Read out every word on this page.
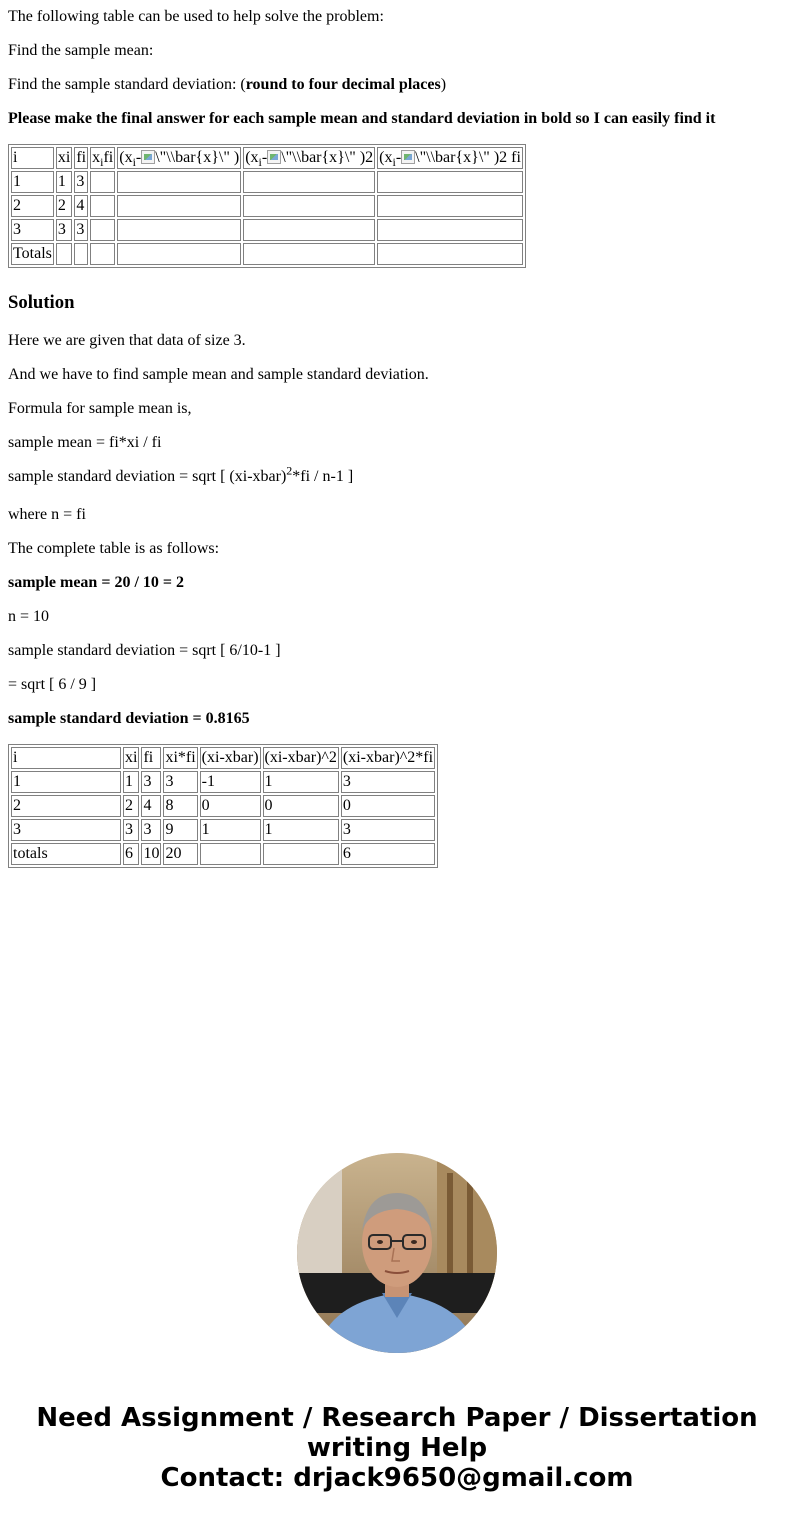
The following table can be used to help solve the problem:

Find the sample mean:

Find the sample standard deviation: (round to four decimal places)

Please make the final answer for each sample mean and standard deviation in bold so I can easily find it

i	xi	fi	$x_ifi$	($x_i-$ \"\\bar{x}\" )	($x_i-$ \"\\bar{x}\" )2	($x_i-$ \"\\bar{x}\" )2 fi
1	1	3				
2	2	4				
3	3	3				
Totals						
Solution

Here we are given that data of size 3.

And we have to find sample mean and sample standard deviation.

Formula for sample mean is,

sample mean = fi*xi / fi

sample standard deviation = sqrt [ (xi-xbar)$^2$*fi / n-1 ]

where n = fi

The complete table is as follows:

sample mean = 20 / 10 = 2

n = 10

sample standard deviation = sqrt [ 6/10-1 ]

= sqrt [ 6 / 9 ]

sample standard deviation = 0.8165

i	xi	fi	xi*fi	(xi-xbar)	(xi-xbar)^2	(xi-xbar)^2*fi
1	1	3	3	-1	1	3
2	2	4	8	0	0	0
3	3	3	9	1	1	3
totals	6	10	20			6
Need Assignment / Research Paper / Dissertation
writing Help
Contact: drjack9650@gmail.com
